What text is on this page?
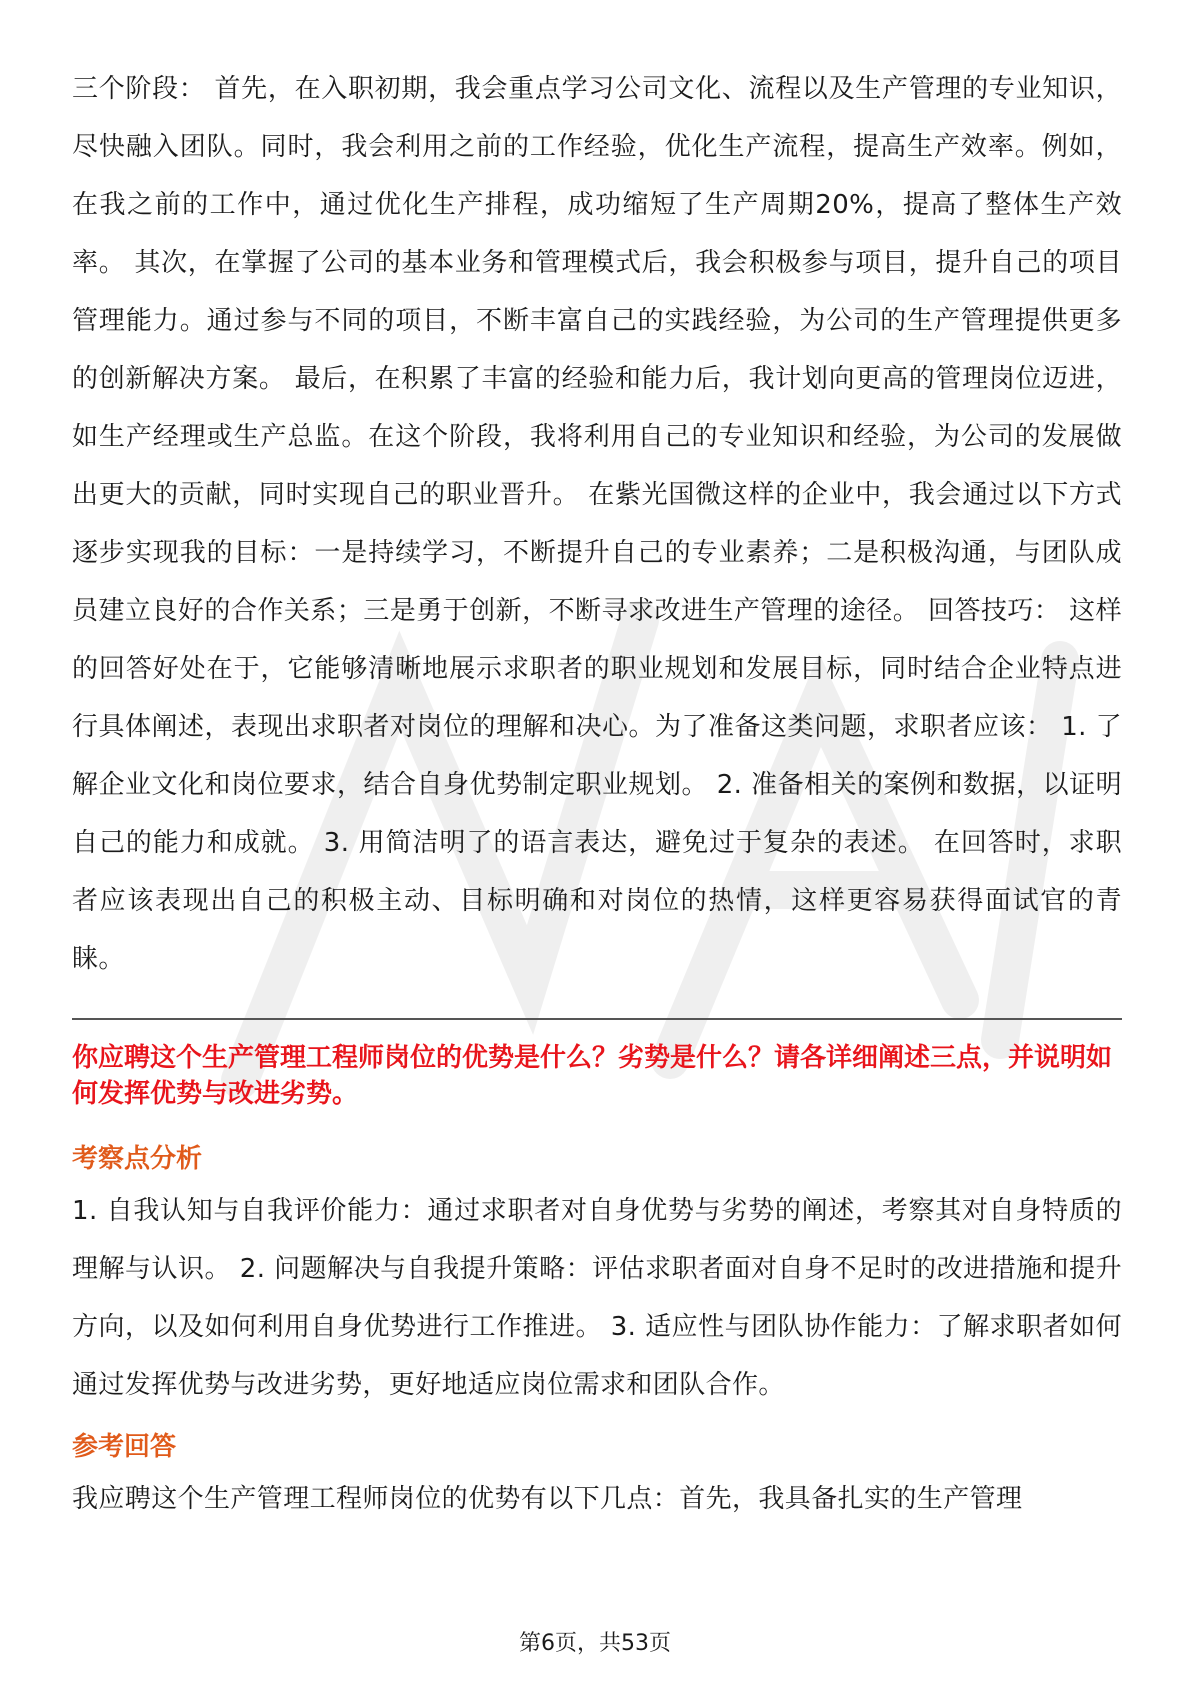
三个阶段： 首先，在入职初期，我会重点学习公司文化、流程以及生产管理的专业知识，尽快融入团队。同时，我会利用之前的工作经验，优化生产流程，提高生产效率。例如，在我之前的工作中，通过优化生产排程，成功缩短了生产周期20%，提高了整体生产效率。 其次，在掌握了公司的基本业务和管理模式后，我会积极参与项目，提升自己的项目管理能力。通过参与不同的项目，不断丰富自己的实践经验，为公司的生产管理提供更多的创新解决方案。 最后，在积累了丰富的经验和能力后，我计划向更高的管理岗位迈进，如生产经理或生产总监。在这个阶段，我将利用自己的专业知识和经验，为公司的发展做出更大的贡献，同时实现自己的职业晋升。 在紫光国微这样的企业中，我会通过以下方式逐步实现我的目标：一是持续学习，不断提升自己的专业素养；二是积极沟通，与团队成员建立良好的合作关系；三是勇于创新，不断寻求改进生产管理的途径。 回答技巧： 这样的回答好处在于，它能够清晰地展示求职者的职业规划和发展目标，同时结合企业特点进行具体阐述，表现出求职者对岗位的理解和决心。为了准备这类问题，求职者应该： 1. 了解企业文化和岗位要求，结合自身优势制定职业规划。 2. 准备相关的案例和数据，以证明自己的能力和成就。 3. 用简洁明了的语言表达，避免过于复杂的表述。 在回答时，求职者应该表现出自己的积极主动、目标明确和对岗位的热情，这样更容易获得面试官的青睐。

你应聘这个生产管理工程师岗位的优势是什么？劣势是什么？请各详细阐述三点，并说明如何发挥优势与改进劣势。

考察点分析

1. 自我认知与自我评价能力：通过求职者对自身优势与劣势的阐述，考察其对自身特质的理解与认识。 2. 问题解决与自我提升策略：评估求职者面对自身不足时的改进措施和提升方向，以及如何利用自身优势进行工作推进。 3. 适应性与团队协作能力：了解求职者如何通过发挥优势与改进劣势，更好地适应岗位需求和团队合作。

参考回答

我应聘这个生产管理工程师岗位的优势有以下几点：首先，我具备扎实的生产管理

第6页，共53页
